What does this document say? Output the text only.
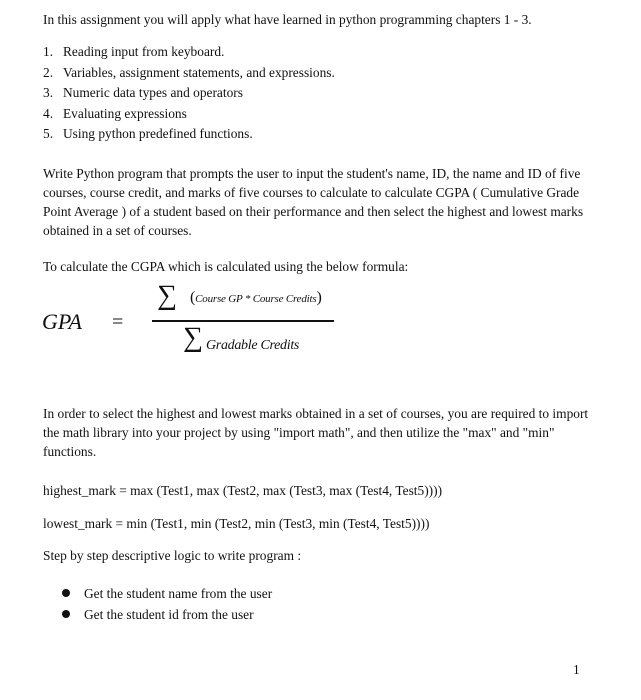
In this assignment you will apply what have learned in python programming chapters 1 - 3.

1. Reading input from keyboard.
2. Variables, assignment statements, and expressions.
3. Numeric data types and operators
4. Evaluating expressions
5. Using python predefined functions.

Write Python program that prompts the user to input the student's name, ID, the name and ID of five courses, course credit, and marks of five courses to calculate to calculate CGPA ( Cumulative Grade Point Average ) of a student based on their performance and then select the highest and lowest marks obtained in a set of courses.

To calculate the CGPA which is calculated using the below formula:

GPA =
∑ (Course GP * Course Credits)
∑ Gradable Credits

In order to select the highest and lowest marks obtained in a set of courses, you are required to import the math library into your project by using "import math", and then utilize the "max" and "min" functions.

highest_mark = max (Test1, max (Test2, max (Test3, max (Test4, Test5))))
lowest_mark = min (Test1, min (Test2, min (Test3, min (Test4, Test5))))

Step by step descriptive logic to write program :

Get the student name from the user
Get the student id from the user
1
